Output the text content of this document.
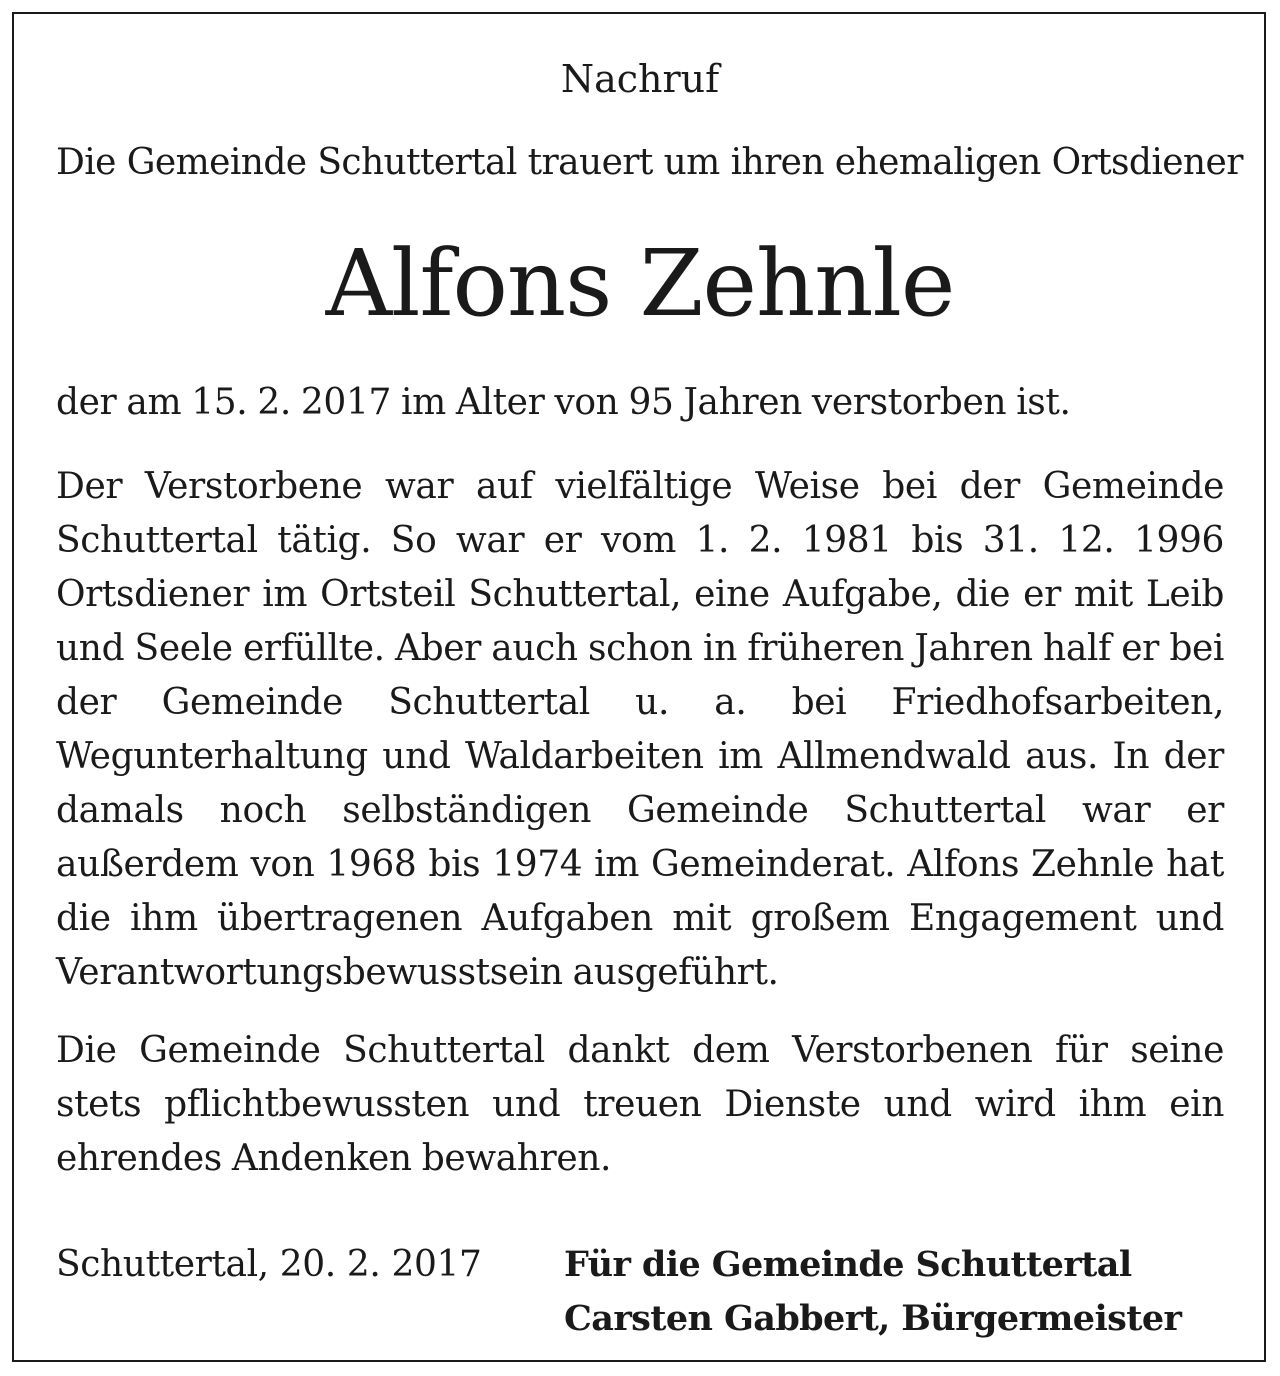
Nachruf
Die Gemeinde Schuttertal trauert um ihren ehemaligen Ortsdiener
Alfons Zehnle

der am 15. 2. 2017 im Alter von 95 Jahren verstorben ist.

Der Verstorbene war auf vielfältige Weise bei der Gemeinde Schuttertal tätig. So war er vom 1. 2. 1981 bis 31. 12. 1996 Ortsdiener im Ortsteil Schuttertal, eine Aufgabe, die er mit Leib und Seele erfüllte. Aber auch schon in früheren Jahren half er bei der Gemeinde Schuttertal u. a. bei Friedhofsarbeiten, Wegunterhaltung und Waldarbeiten im Allmendwald aus. In der damals noch selbständigen Gemeinde Schuttertal war er außerdem von 1968 bis 1974 im Gemeinderat. Alfons Zehnle hat die ihm übertragenen Aufgaben mit großem Engagement und Verantwortungsbewusstsein ausgeführt.

Die Gemeinde Schuttertal dankt dem Verstorbenen für seine stets pflichtbewussten und treuen Dienste und wird ihm ein ehrendes Andenken bewahren.

Schuttertal, 20. 2. 2017 Für die Gemeinde Schuttertal
Carsten Gabbert, Bürgermeister
